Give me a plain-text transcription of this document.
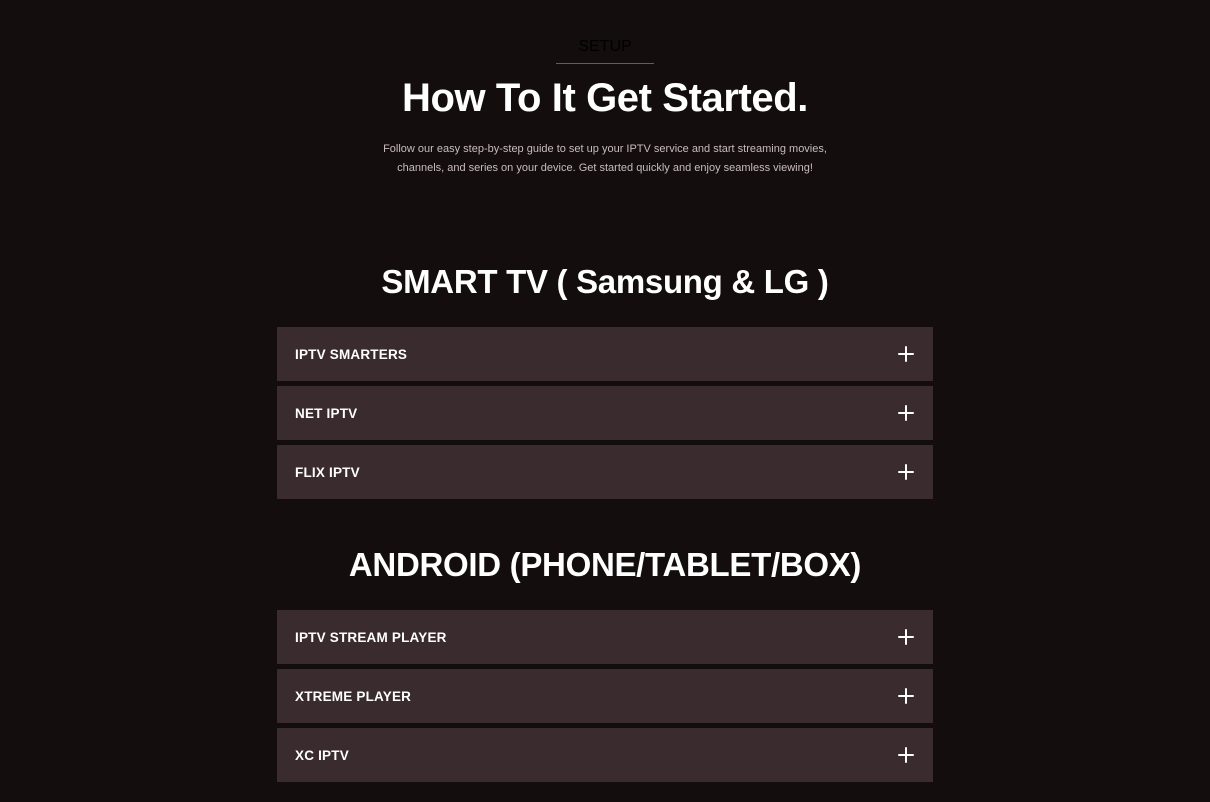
SETUP
How To It Get Started.

Follow our easy step-by-step guide to set up your IPTV service and start streaming movies, channels, and series on your device. Get started quickly and enjoy seamless viewing!

SMART TV ( Samsung & LG )
IPTV SMARTERS
NET IPTV
FLIX IPTV
ANDROID (PHONE/TABLET/BOX)
IPTV STREAM PLAYER
XTREME PLAYER
XC IPTV
